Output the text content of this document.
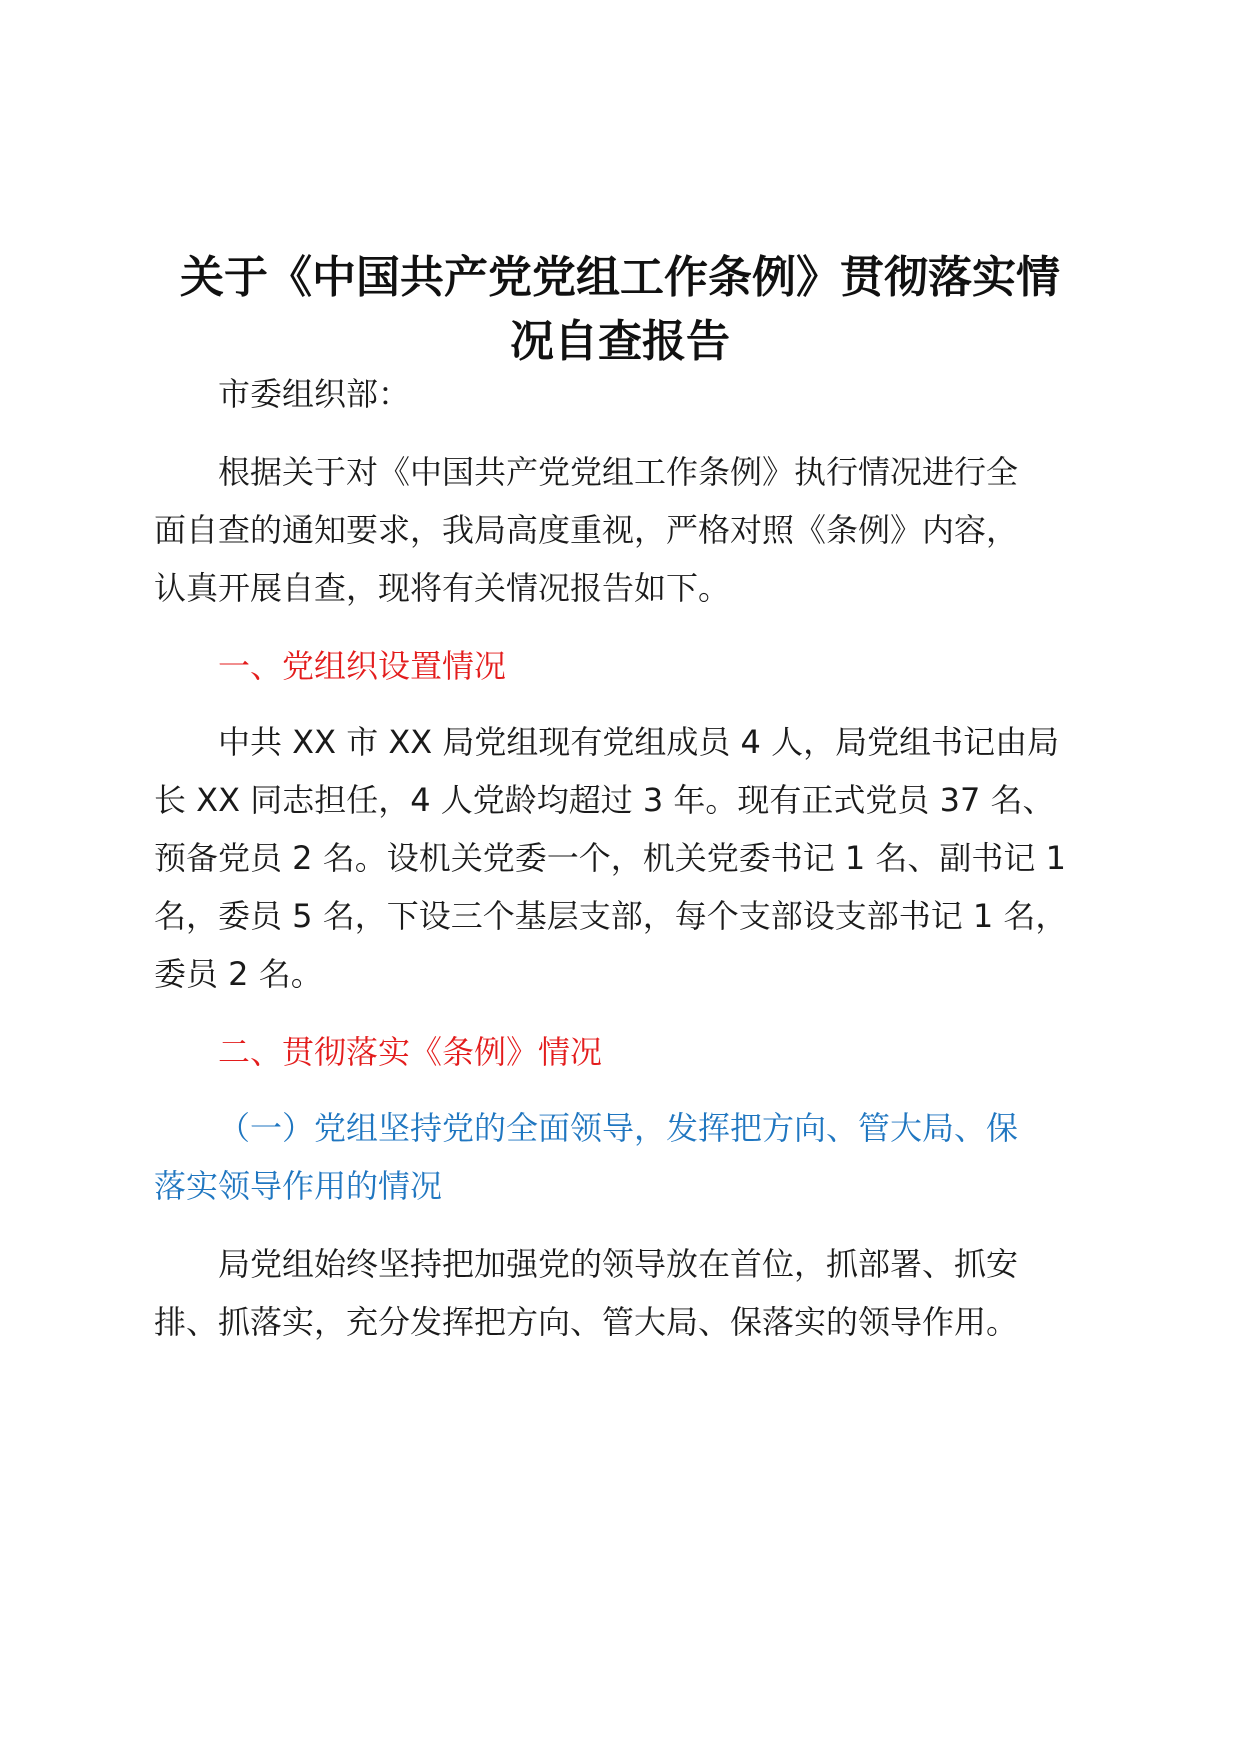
关于《中国共产党党组工作条例》贯彻落实情
况自查报告
市委组织部：
根据关于对《中国共产党党组工作条例》执行情况进行全
面自查的通知要求，我局高度重视，严格对照《条例》内容，
认真开展自查，现将有关情况报告如下。
一、党组织设置情况
中共 XX 市 XX 局党组现有党组成员 4 人，局党组书记由局
长 XX 同志担任，4 人党龄均超过 3 年。现有正式党员 37 名、
预备党员 2 名。设机关党委一个，机关党委书记 1 名、副书记 1
名，委员 5 名，下设三个基层支部，每个支部设支部书记 1 名，
委员 2 名。
二、贯彻落实《条例》情况
（一）党组坚持党的全面领导，发挥把方向、管大局、保
落实领导作用的情况
局党组始终坚持把加强党的领导放在首位，抓部署、抓安
排、抓落实，充分发挥把方向、管大局、保落实的领导作用。
